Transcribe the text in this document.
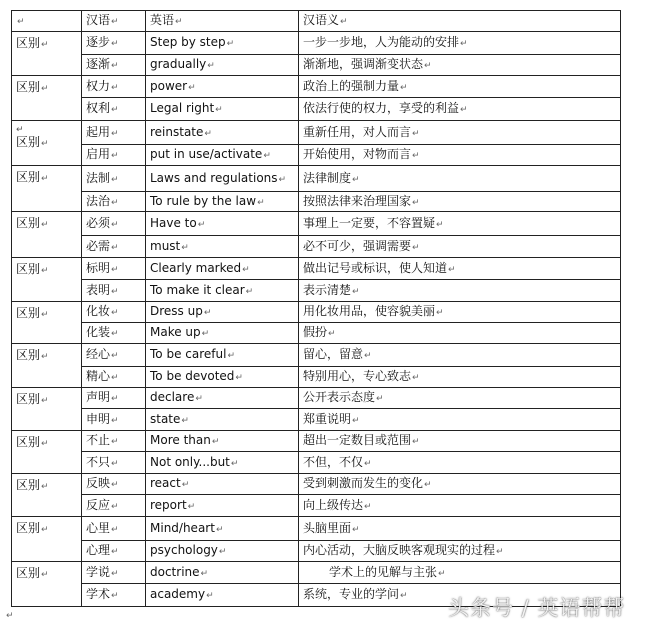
↵	汉语↵	英语↵	汉语义↵
区别↵	逐步↵	Step by step↵	一步一步地，人为能动的安排↵
	逐渐↵	gradually↵	渐渐地，强调渐变状态↵
区别↵	权力↵	power↵	政治上的强制力量↵
	权利↵	Legal right↵	依法行使的权力，享受的利益↵

↵
区别↵	起用↵	reinstate↵	重新任用，对人而言↵
	启用↵	put in use/activate↵	开始使用，对物而言↵
区别↵	法制↵	Laws and regulations↵	法律制度↵
	法治↵	To rule by the law↵	按照法律来治理国家↵
区别↵	必须↵	Have to↵	事理上一定要，不容置疑↵
	必需↵	must↵	必不可少，强调需要↵
区别↵	标明↵	Clearly marked↵	做出记号或标识，使人知道↵
	表明↵	To make it clear↵	表示清楚↵
区别↵	化妆↵	Dress up↵	用化妆用品，使容貌美丽↵
	化装↵	Make up↵	假扮↵
区别↵	经心↵	To be careful↵	留心，留意↵
	精心↵	To be devoted↵	特别用心，专心致志↵
区别↵	声明↵	declare↵	公开表示态度↵
	申明↵	state↵	郑重说明↵
区别↵	不止↵	More than↵	超出一定数目或范围↵
	不只↵	Not only...but↵	不但，不仅↵
区别↵	反映↵	react↵	受到刺激而发生的变化↵
	反应↵	report↵	向上级传达↵
区别↵	心里↵	Mind/heart↵	头脑里面↵
	心理↵	psychology↵	内心活动，大脑反映客观现实的过程↵
区别↵	学说↵	doctrine↵	学术上的见解与主张↵
	学术↵	academy↵	系统，专业的学问↵
↵	头条号 / 英语帮帮
